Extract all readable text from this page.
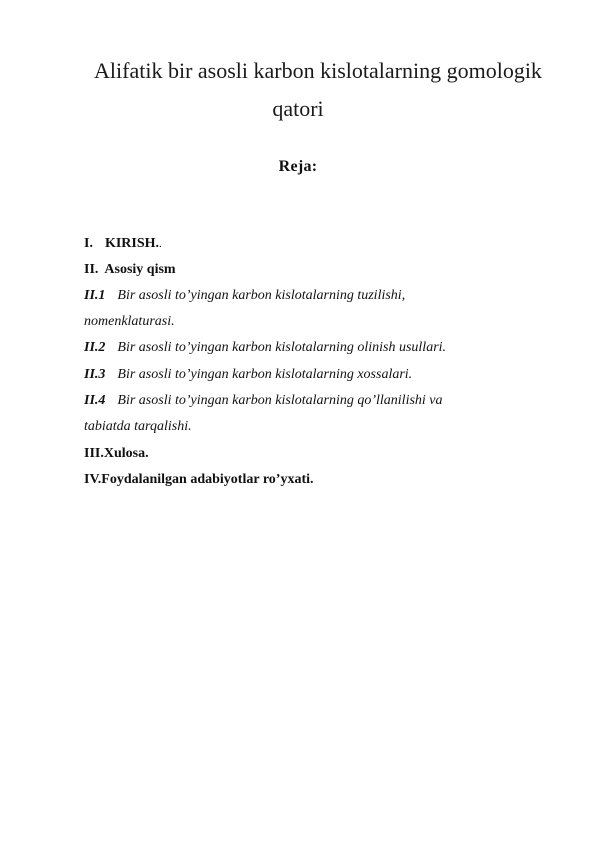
Alifatik bir asosli karbon kislotalarning gomologik
qatori
Reja:
I. KIRISH..
II. Asosiy qism
II.1 Bir asosli to’yingan karbon kislotalarning tuzilishi,
nomenklaturasi.
II.2 Bir asosli to’yingan karbon kislotalarning olinish usullari.
II.3 Bir asosli to’yingan karbon kislotalarning xossalari.
II.4 Bir asosli to’yingan karbon kislotalarning qo’llanilishi va
tabiatda tarqalishi.
III.Xulosa.
IV.Foydalanilgan adabiyotlar ro’yxati.
